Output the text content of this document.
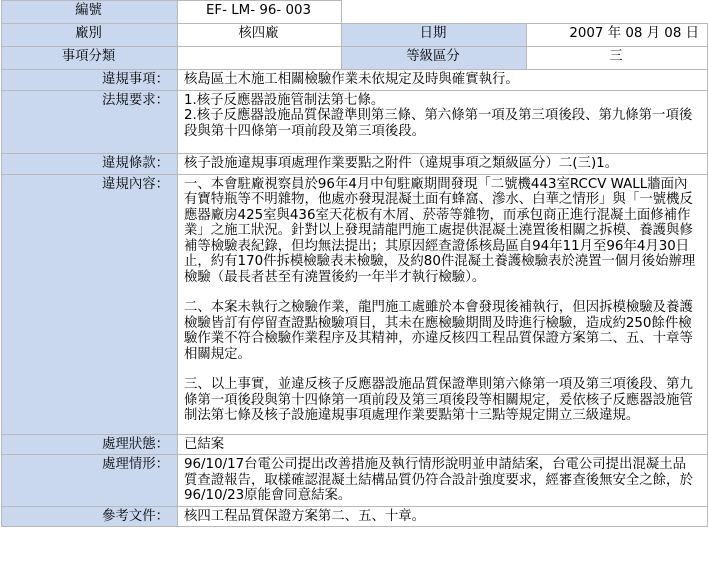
編號	EF- LM- 96- 003		
廠別	核四廠	日期	2007 年 08 月 08 日
事項分類		等級區分	三
違規事項：	核島區土木施工相關檢驗作業未依規定及時與確實執行。		
法規要求：	1.核子反應器設施管制法第七條。
2.核子反應器設施品質保證準則第三條、第六條第一項及第三項後段、第九條第一項後段與第十四條第一項前段及第三項後段。		
違規條款：	核子設施違規事項處理作業要點之附件（違規事項之類級區分）二(三)1。		
違規內容：	一、本會駐廠視察員於96年4月中旬駐廠期間發現「二號機443室RCCV WALL牆面內有寶特瓶等不明雜物，他處亦發現混凝土面有蜂窩、滲水、白華之情形」與「一號機反應器廠房425室與436室天花板有木屑、菸蒂等雜物，而承包商正進行混凝土面修補作業」之施工狀況。針對以上發現請龍門施工處提供混凝土澆置後相關之拆模、養護與修補等檢驗表紀錄，但均無法提出；其原因經查證係核島區自94年11月至96年4月30日止，約有170件拆模檢驗表未檢驗，及約80件混凝土養護檢驗表於澆置一個月後始辦理檢驗（最長者甚至有澆置後約一年半才執行檢驗）。
二、本案未執行之檢驗作業，龍門施工處雖於本會發現後補執行，但因拆模檢驗及養護檢驗皆訂有停留查證點檢驗項目，其未在應檢驗期間及時進行檢驗，造成約250餘件檢驗作業不符合檢驗作業程序及其精神，亦違反核四工程品質保證方案第二、五、十章等相關規定。
三、以上事實，並違反核子反應器設施品質保證準則第六條第一項及第三項後段、第九條第一項後段與第十四條第一項前段及第三項後段等相關規定，爰依核子反應器設施管制法第七條及核子設施違規事項處理作業要點第十三點等規定開立三級違規。		

處理狀態：	已結案		
處理情形：	96/10/17台電公司提出改善措施及執行情形說明並申請結案，台電公司提出混凝土品質查證報告，取樣確認混凝土結構品質仍符合設計強度要求，經審查後無安全之餘，於96/10/23原能會同意結案。		
參考文件：	核四工程品質保證方案第二、五、十章。		
